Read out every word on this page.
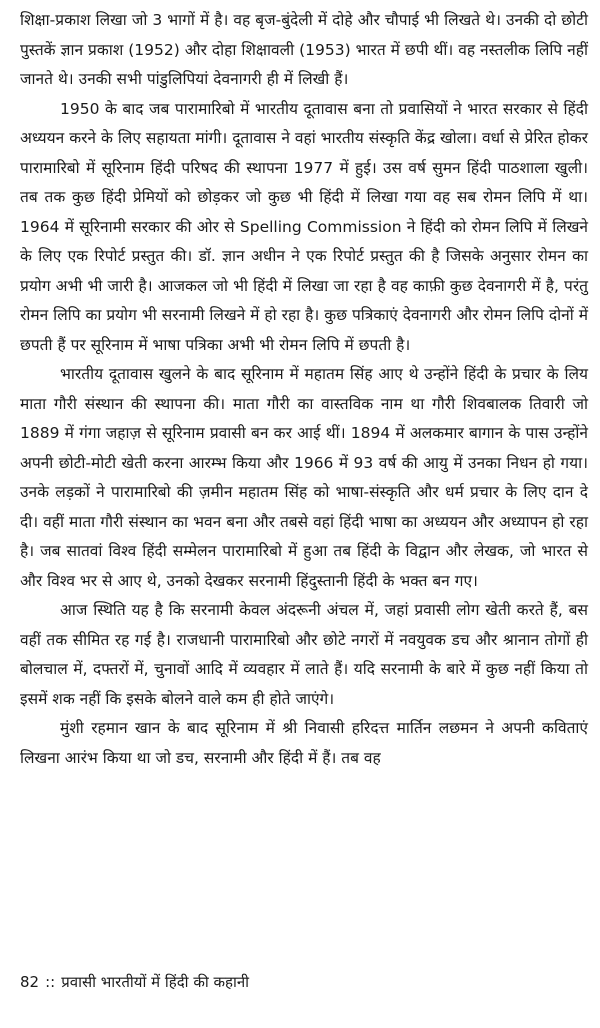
शिक्षा-प्रकाश लिखा जो 3 भागों में है। वह बृज-बुंदेली में दोहे और चौपाई भी लिखते थे। उनकी दो छोटी पुस्तकें ज्ञान प्रकाश (1952) और दोहा शिक्षावली (1953) भारत में छपी थीं। वह नस्तलीक लिपि नहीं जानते थे। उनकी सभी पांडुलिपियां देवनागरी ही में लिखी हैं।

1950 के बाद जब पारामारिबो में भारतीय दूतावास बना तो प्रवासियों ने भारत सरकार से हिंदी अध्ययन करने के लिए सहायता मांगी। दूतावास ने वहां भारतीय संस्कृति केंद्र खोला। वर्धा से प्रेरित होकर पारामारिबो में सूरिनाम हिंदी परिषद की स्थापना 1977 में हुई। उस वर्ष सुमन हिंदी पाठशाला खुली। तब तक कुछ हिंदी प्रेमियों को छोड़कर जो कुछ भी हिंदी में लिखा गया वह सब रोमन लिपि में था। 1964 में सूरिनामी सरकार की ओर से Spelling Commission ने हिंदी को रोमन लिपि में लिखने के लिए एक रिपोर्ट प्रस्तुत की। डॉ. ज्ञान अधीन ने एक रिपोर्ट प्रस्तुत की है जिसके अनुसार रोमन का प्रयोग अभी भी जारी है। आजकल जो भी हिंदी में लिखा जा रहा है वह काफ़ी कुछ देवनागरी में है, परंतु रोमन लिपि का प्रयोग भी सरनामी लिखने में हो रहा है। कुछ पत्रिकाएं देवनागरी और रोमन लिपि दोनों में छपती हैं पर सूरिनाम में भाषा पत्रिका अभी भी रोमन लिपि में छपती है।

भारतीय दूतावास खुलने के बाद सूरिनाम में महातम सिंह आए थे उन्होंने हिंदी के प्रचार के लिय माता गौरी संस्थान की स्थापना की। माता गौरी का वास्तविक नाम था गौरी शिवबालक तिवारी जो 1889 में गंगा जहाज़ से सूरिनाम प्रवासी बन कर आई थीं। 1894 में अलकमार बागान के पास उन्होंने अपनी छोटी-मोटी खेती करना आरम्भ किया और 1966 में 93 वर्ष की आयु में उनका निधन हो गया। उनके लड़कों ने पारामारिबो की ज़मीन महातम सिंह को भाषा-संस्कृति और धर्म प्रचार के लिए दान दे दी। वहीं माता गौरी संस्थान का भवन बना और तबसे वहां हिंदी भाषा का अध्ययन और अध्यापन हो रहा है। जब सातवां विश्व हिंदी सम्मेलन पारामारिबो में हुआ तब हिंदी के विद्वान और लेखक, जो भारत से और विश्व भर से आए थे, उनको देखकर सरनामी हिंदुस्तानी हिंदी के भक्त बन गए।

आज स्थिति यह है कि सरनामी केवल अंदरूनी अंचल में, जहां प्रवासी लोग खेती करते हैं, बस वहीं तक सीमित रह गई है। राजधानी पारामारिबो और छोटे नगरों में नवयुवक डच और श्रानान तोगों ही बोलचाल में, दफ्तरों में, चुनावों आदि में व्यवहार में लाते हैं। यदि सरनामी के बारे में कुछ नहीं किया तो इसमें शक नहीं कि इसके बोलने वाले कम ही होते जाएंगे।

मुंशी रहमान खान के बाद सूरिनाम में श्री निवासी हरिदत्त मार्तिन लछमन ने अपनी कविताएं लिखना आरंभ किया था जो डच, सरनामी और हिंदी में हैं। तब वह

82 :: प्रवासी भारतीयों में हिंदी की कहानी
